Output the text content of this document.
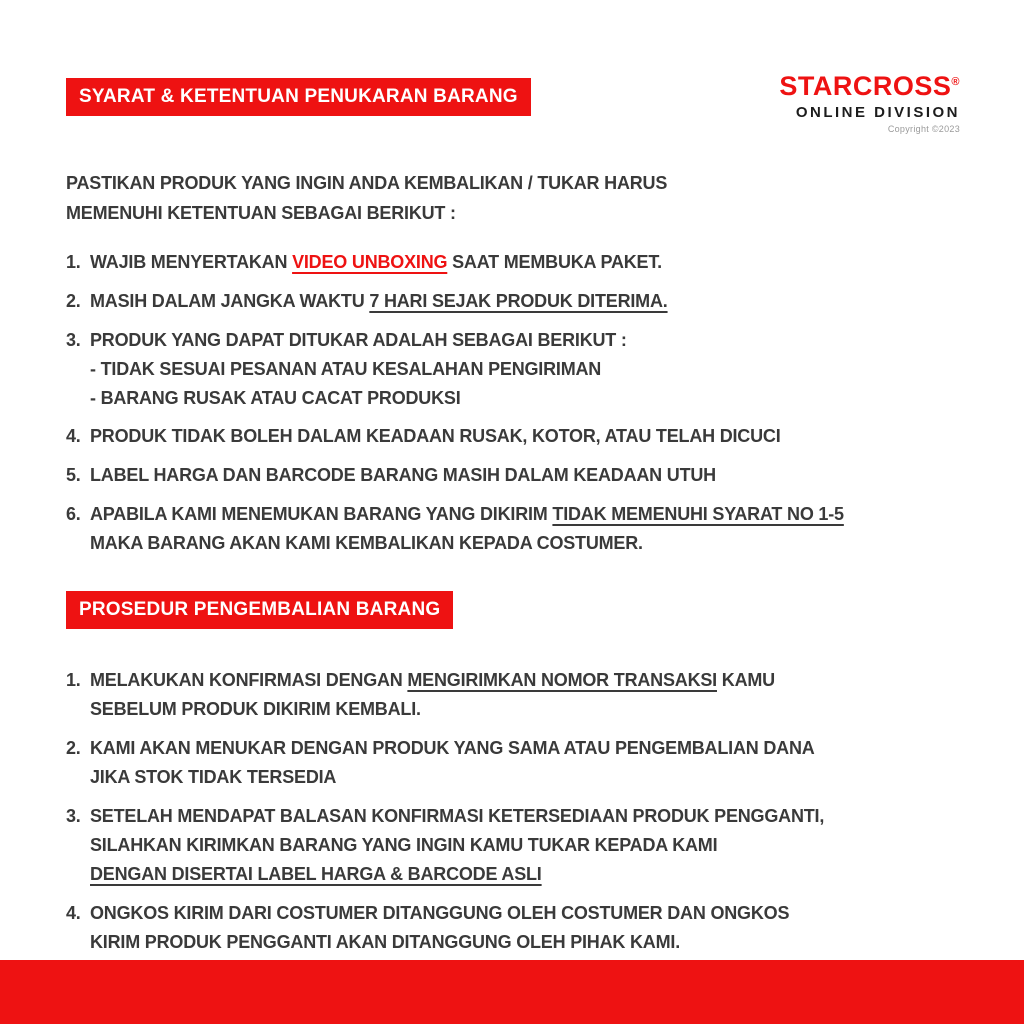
SYARAT & KETENTUAN PENUKARAN BARANG	STARCROSS®
ONLINE DIVISION
Copyright ©2023
PASTIKAN PRODUK YANG INGIN ANDA KEMBALIKAN / TUKAR HARUS
MEMENUHI KETENTUAN SEBAGAI BERIKUT :
1. WAJIB MENYERTAKAN VIDEO UNBOXING SAAT MEMBUKA PAKET.
2. MASIH DALAM JANGKA WAKTU 7 HARI SEJAK PRODUK DITERIMA.
3. PRODUK YANG DAPAT DITUKAR ADALAH SEBAGAI BERIKUT :
- TIDAK SESUAI PESANAN ATAU KESALAHAN PENGIRIMAN
- BARANG RUSAK ATAU CACAT PRODUKSI
4. PRODUK TIDAK BOLEH DALAM KEADAAN RUSAK, KOTOR, ATAU TELAH DICUCI
5. LABEL HARGA DAN BARCODE BARANG MASIH DALAM KEADAAN UTUH
6. APABILA KAMI MENEMUKAN BARANG YANG DIKIRIM TIDAK MEMENUHI SYARAT NO 1-5
MAKA BARANG AKAN KAMI KEMBALIKAN KEPADA COSTUMER.
PROSEDUR PENGEMBALIAN BARANG
1. MELAKUKAN KONFIRMASI DENGAN MENGIRIMKAN NOMOR TRANSAKSI KAMU
SEBELUM PRODUK DIKIRIM KEMBALI.
2. KAMI AKAN MENUKAR DENGAN PRODUK YANG SAMA ATAU PENGEMBALIAN DANA
JIKA STOK TIDAK TERSEDIA
3. SETELAH MENDAPAT BALASAN KONFIRMASI KETERSEDIAAN PRODUK PENGGANTI,
SILAHKAN KIRIMKAN BARANG YANG INGIN KAMU TUKAR KEPADA KAMI
DENGAN DISERTAI LABEL HARGA & BARCODE ASLI
4. ONGKOS KIRIM DARI COSTUMER DITANGGUNG OLEH COSTUMER DAN ONGKOS
KIRIM PRODUK PENGGANTI AKAN DITANGGUNG OLEH PIHAK KAMI.
